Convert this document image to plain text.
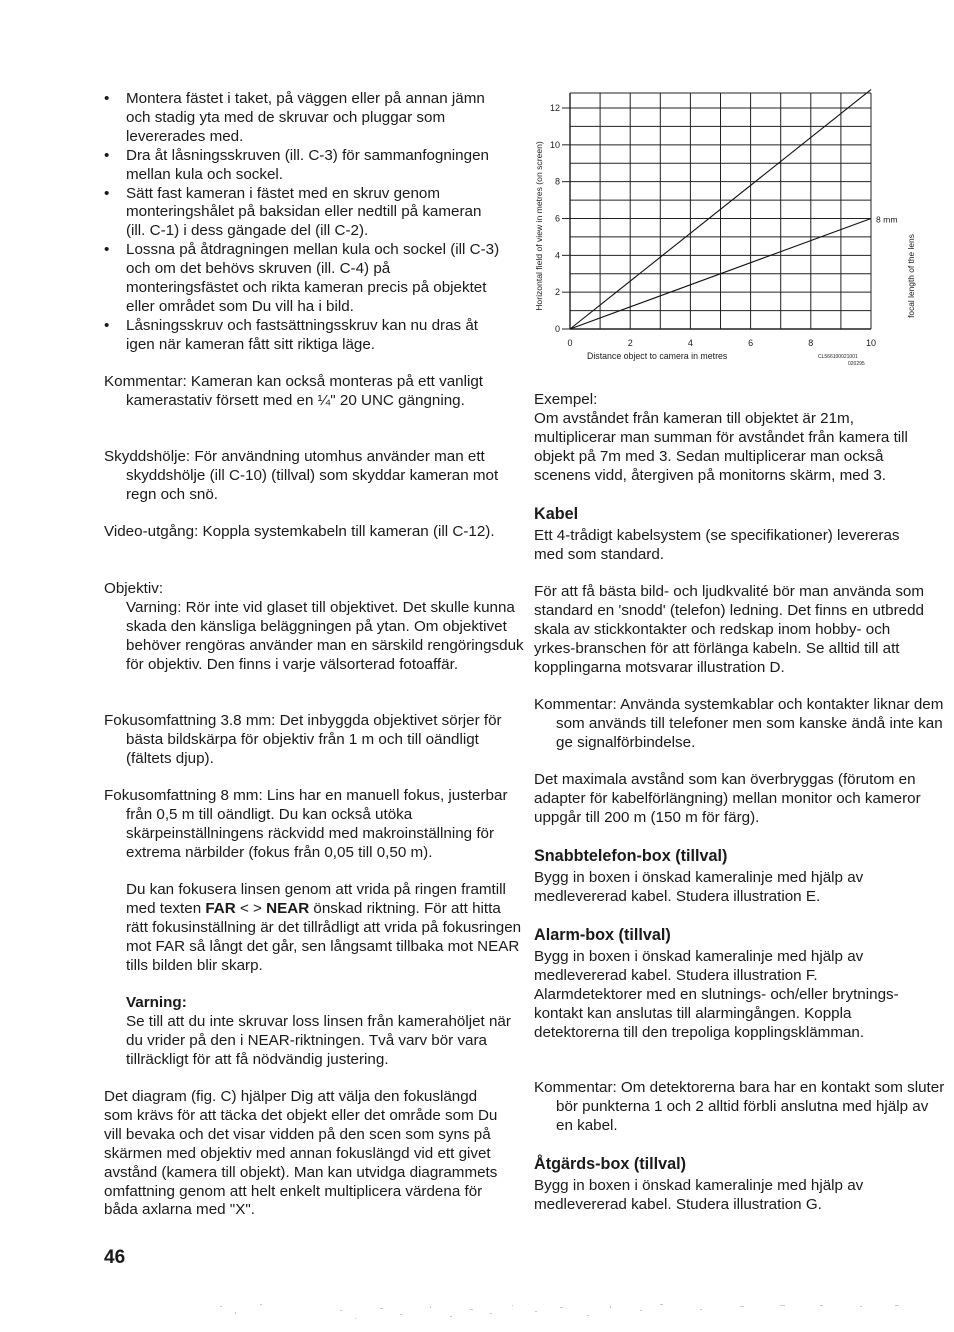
• Montera fästet i taket, på väggen eller på annan jämn och stadig yta med de skruvar och pluggar som levererades med.
• Dra åt låsningsskruven (ill. C-3) för sammanfogningen mellan kula och sockel.
• Sätt fast kameran i fästet med en skruv genom monteringshålet på baksidan eller nedtill på kameran (ill. C-1) i dess gängade del (ill C-2).
• Lossna på åtdragningen mellan kula och sockel (ill C-3) och om det behövs skruven (ill. C-4) på monteringsfästet och rikta kameran precis på objektet eller området som Du vill ha i bild.
• Låsningsskruv och fastsättningsskruv kan nu dras åt igen när kameran fått sitt riktiga läge.

Kommentar: Kameran kan också monteras på ett vanligt kamerastativ försett med en ¼" 20 UNC gängning.

Skyddshölje: För användning utomhus använder man ett skyddshölje (ill C-10) (tillval) som skyddar kameran mot regn och snö.

Video-utgång: Koppla systemkabeln till kameran (ill C-12).

Objektiv:

Varning: Rör inte vid glaset till objektivet. Det skulle kunna skada den känsliga beläggningen på ytan. Om objektivet behöver rengöras använder man en särskild rengöringsduk för objektiv. Den finns i varje välsorterad fotoaffär.

Fokusomfattning 3.8 mm: Det inbyggda objektivet sörjer för bästa bildskärpa för objektiv från 1 m och till oändligt (fältets djup).

Fokusomfattning 8 mm: Lins har en manuell fokus, justerbar från 0,5 m till oändligt. Du kan också utöka skärpeinställningens räckvidd med makroinställning för extrema närbilder (fokus från 0,05 till 0,50 m).

Du kan fokusera linsen genom att vrida på ringen framtill med texten FAR < > NEAR önskad riktning. För att hitta rätt fokusinställning är det tillrådligt att vrida på fokusringen mot FAR så långt det går, sen långsamt tillbaka mot NEAR tills bilden blir skarp.

Varning:

Se till att du inte skruvar loss linsen från kamerahöljet när du vrider på den i NEAR-riktningen. Två varv bör vara tillräckligt för att få nödvändig justering.

Det diagram (fig. C) hjälper Dig att välja den fokuslängd som krävs för att täcka det objekt eller det område som Du vill bevaka och det visar vidden på den scen som syns på skärmen med objektiv med annan fokuslängd vid ett givet avstånd (kamera till objekt). Man kan utvidga diagrammets omfattning genom att helt enkelt multiplicera värdena för båda axlarna med "X".

46
8 mm
0
2
4
6
8
10
12
0	2	4	6	8	10
Horizontal field of view in metres (on screen)
Distance object to camera in metres
focal length of the lens
CL566100021001
020295

Exempel:

Om avståndet från kameran till objektet är 21m, multiplicerar man summan för avståndet från kamera till objekt på 7m med 3. Sedan multiplicerar man också scenens vidd, återgiven på monitorns skärm, med 3.

Kabel

Ett 4-trådigt kabelsystem (se specifikationer) levereras med som standard.

För att få bästa bild- och ljudkvalité bör man använda som standard en 'snodd' (telefon) ledning. Det finns en utbredd skala av stickkontakter och redskap inom hobby- och yrkes-branschen för att förlänga kabeln. Se alltid till att kopplingarna motsvarar illustration D.

Kommentar: Använda systemkablar och kontakter liknar dem som används till telefoner men som kanske ändå inte kan ge signalförbindelse.

Det maximala avstånd som kan överbryggas (förutom en adapter för kabelförlängning) mellan monitor och kameror uppgår till 200 m (150 m för färg).

Snabbtelefon-box (tillval)

Bygg in boxen i önskad kameralinje med hjälp av medlevererad kabel. Studera illustration E.

Alarm-box (tillval)

Bygg in boxen i önskad kameralinje med hjälp av medlevererad kabel. Studera illustration F. Alarmdetektorer med en slutnings- och/eller brytnings-kontakt kan anslutas till alarmingången. Koppla detektorerna till den trepoliga kopplingsklämman.

Kommentar: Om detektorerna bara har en kontakt som sluter bör punkterna 1 och 2 alltid förbli anslutna med hjälp av en kabel.

Åtgärds-box (tillval)

Bygg in boxen i önskad kameralinje med hjälp av medlevererad kabel. Studera illustration G.
